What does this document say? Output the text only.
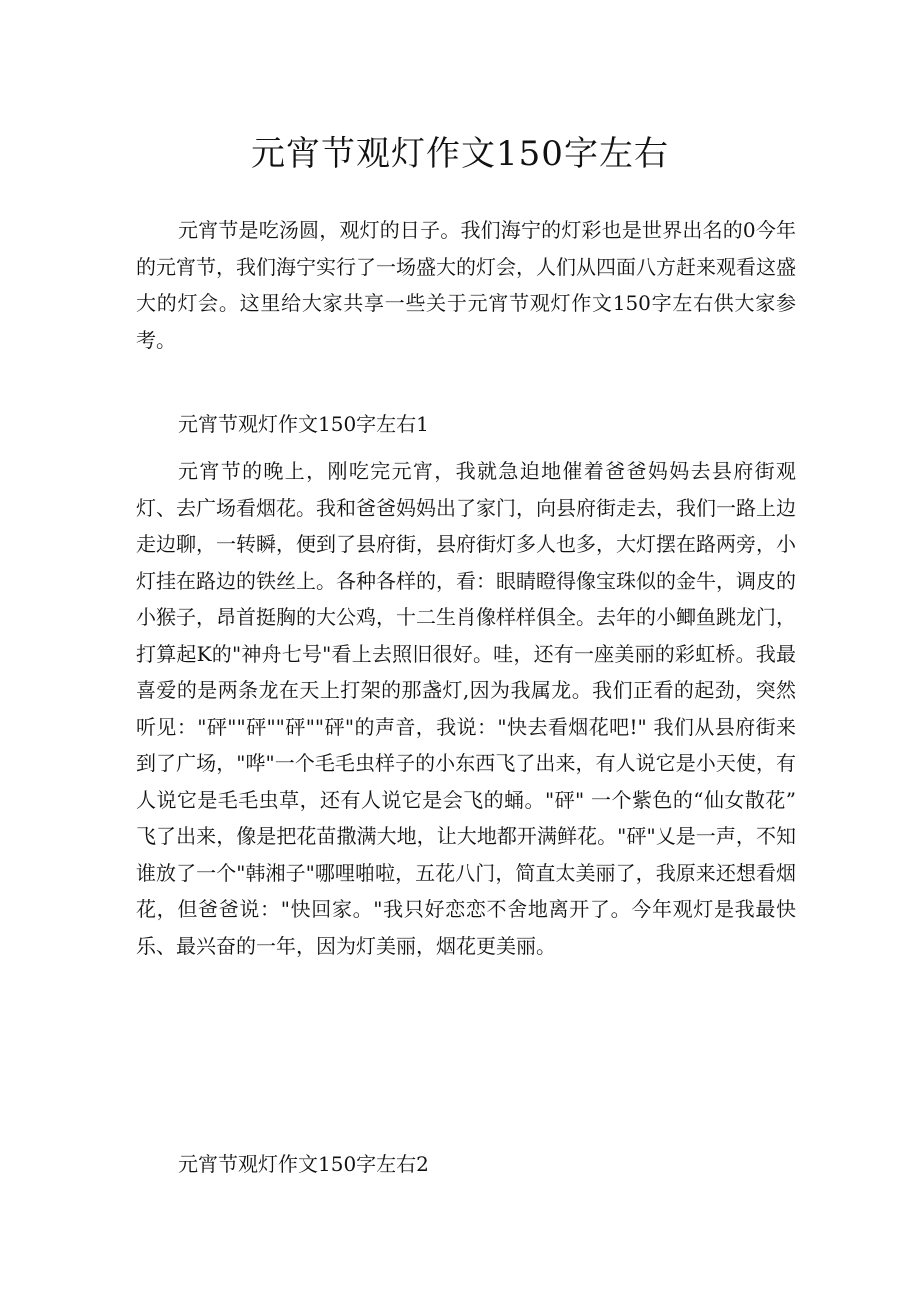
元宵节观灯作文150字左右

元宵节是吃汤圆，观灯的日子。我们海宁的灯彩也是世界出名的0今年的元宵节，我们海宁实行了一场盛大的灯会，人们从四面八方赶来观看这盛大的灯会。这里给大家共享一些关于元宵节观灯作文150字左右供大家参考。

元宵节观灯作文150字左右1

元宵节的晚上，刚吃完元宵，我就急迫地催着爸爸妈妈去县府街观灯、去广场看烟花。我和爸爸妈妈出了家门，向县府街走去，我们一路上边走边聊，一转瞬，便到了县府街，县府街灯多人也多，大灯摆在路两旁，小灯挂在路边的铁丝上。各种各样的，看：眼睛瞪得像宝珠似的金牛，调皮的小猴子，昂首挺胸的大公鸡，十二生肖像样样俱全。去年的小鲫鱼跳龙门，打算起K的"神舟七号"看上去照旧很好。哇，还有一座美丽的彩虹桥。我最喜爱的是两条龙在天上打架的那盏灯,因为我属龙。我们正看的起劲，突然听见："砰""砰""砰""砰"的声音，我说："快去看烟花吧!" 我们从县府街来到了广场，"哗"一个毛毛虫样子的小东西飞了出来，有人说它是小天使，有人说它是毛毛虫草，还有人说它是会飞的蛹。"砰" 一个紫色的“仙女散花” 飞了出来，像是把花苗撒满大地，让大地都开满鲜花。"砰"乂是一声，不知谁放了一个"韩湘子"哪哩啪啦，五花八门，简直太美丽了，我原来还想看烟花，但爸爸说："快回家。"我只好恋恋不舍地离开了。今年观灯是我最快乐、最兴奋的一年，因为灯美丽，烟花更美丽。

元宵节观灯作文150字左右2
